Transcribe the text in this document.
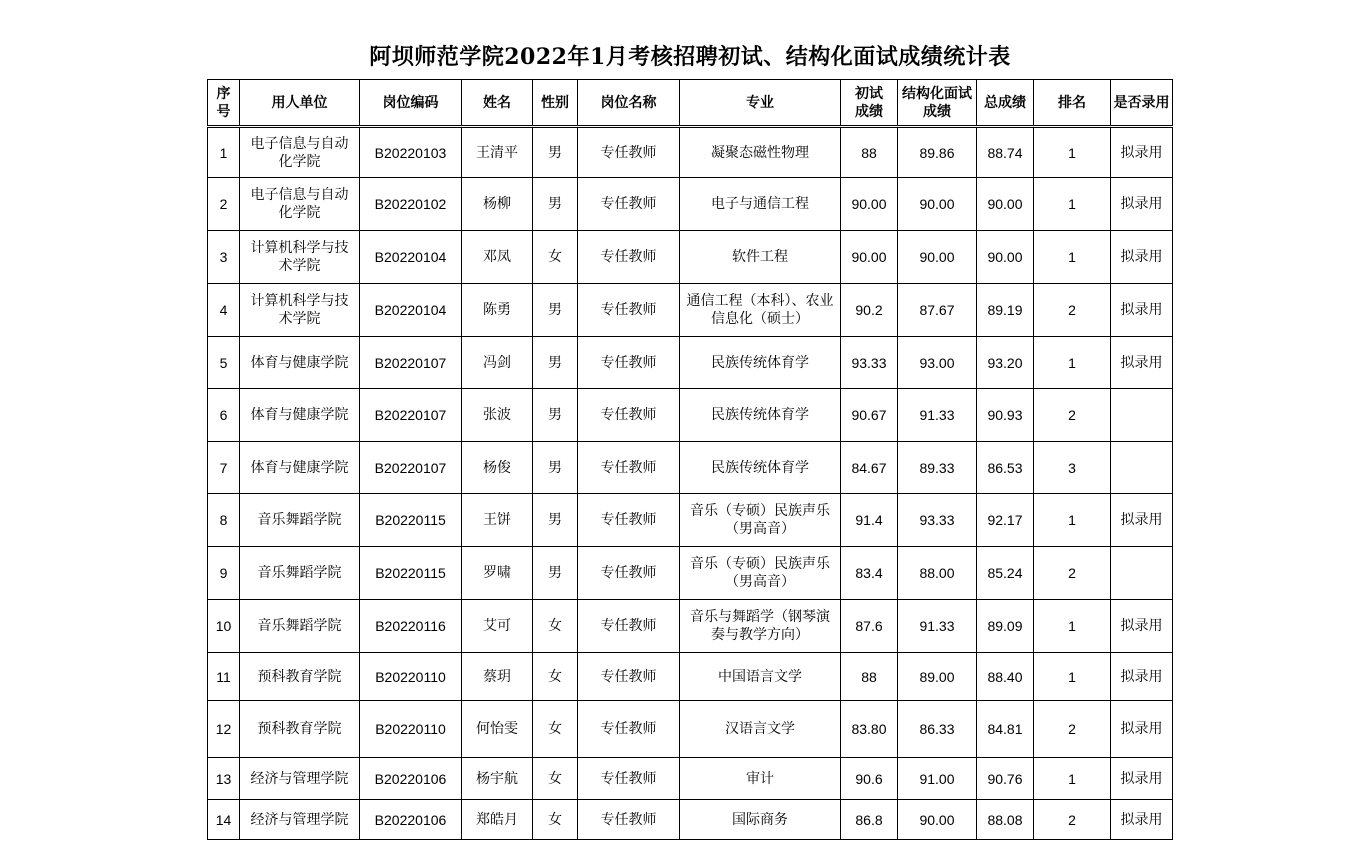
阿坝师范学院2022年1月考核招聘初试、结构化面试成绩统计表
序号	用人单位	岗位编码	姓名	性别	岗位名称	专业	初试成绩	结构化面试成绩	总成绩	排名	是否录用
1	电子信息与自动化学院	B20220103	王清平	男	专任教师	凝聚态磁性物理	88	89.86	88.74	1	拟录用
2	电子信息与自动化学院	B20220102	杨柳	男	专任教师	电子与通信工程	90.00	90.00	90.00	1	拟录用
3	计算机科学与技术学院	B20220104	邓凤	女	专任教师	软件工程	90.00	90.00	90.00	1	拟录用
4	计算机科学与技术学院	B20220104	陈勇	男	专任教师	通信工程（本科）、农业信息化（硕士）	90.2	87.67	89.19	2	拟录用
5	体育与健康学院	B20220107	冯剑	男	专任教师	民族传统体育学	93.33	93.00	93.20	1	拟录用
6	体育与健康学院	B20220107	张波	男	专任教师	民族传统体育学	90.67	91.33	90.93	2	
7	体育与健康学院	B20220107	杨俊	男	专任教师	民族传统体育学	84.67	89.33	86.53	3	
8	音乐舞蹈学院	B20220115	王饼	男	专任教师	音乐（专硕）民族声乐（男高音）	91.4	93.33	92.17	1	拟录用
9	音乐舞蹈学院	B20220115	罗啸	男	专任教师	音乐（专硕）民族声乐（男高音）	83.4	88.00	85.24	2	
10	音乐舞蹈学院	B20220116	艾可	女	专任教师	音乐与舞蹈学（钢琴演奏与教学方向）	87.6	91.33	89.09	1	拟录用
11	预科教育学院	B20220110	蔡玥	女	专任教师	中国语言文学	88	89.00	88.40	1	拟录用
12	预科教育学院	B20220110	何怡雯	女	专任教师	汉语言文学	83.80	86.33	84.81	2	拟录用
13	经济与管理学院	B20220106	杨宇航	女	专任教师	审计	90.6	91.00	90.76	1	拟录用
14	经济与管理学院	B20220106	郑皓月	女	专任教师	国际商务	86.8	90.00	88.08	2	拟录用
